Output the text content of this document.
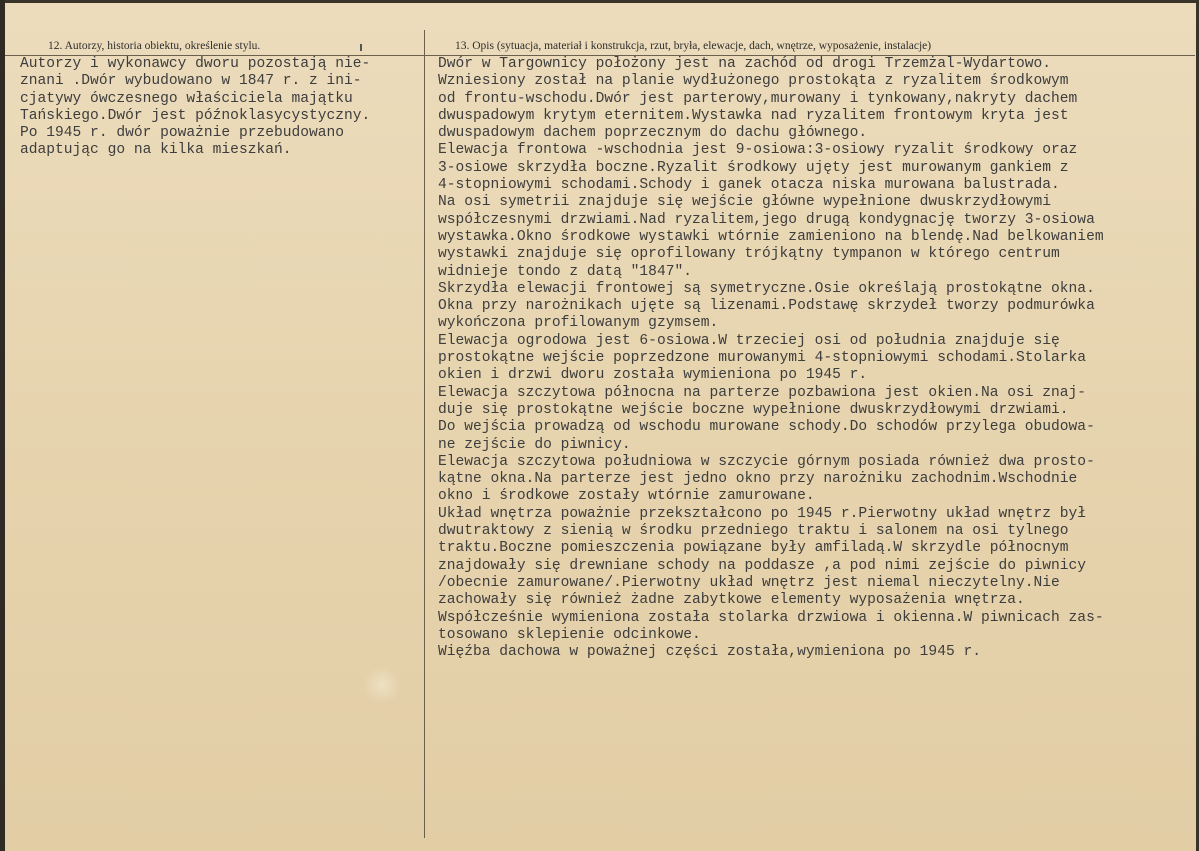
12. Autorzy, historia obiektu, określenie stylu.	13. Opis (sytuacja, materiał i konstrukcja, rzut, bryła, elewacje, dach, wnętrze, wyposażenie, instalacje)
Autorzy i wykonawcy dworu pozostają nie-
znani .Dwór wybudowano w 1847 r. z ini-
cjatywy ówczesnego właściciela majątku
Tańskiego.Dwór jest późnoklasycystyczny.
Po 1945 r. dwór poważnie przebudowano
adaptując go na kilka mieszkań.
Dwór w Targownicy położony jest na zachód od drogi Trzemżal-Wydartowo.
Wzniesiony został na planie wydłużonego prostokąta z ryzalitem środkowym
od frontu-wschodu.Dwór jest parterowy,murowany i tynkowany,nakryty dachem
dwuspadowym krytym eternitem.Wystawka nad ryzalitem frontowym kryta jest
dwuspadowym dachem poprzecznym do dachu głównego.
Elewacja frontowa -wschodnia jest 9-osiowa:3-osiowy ryzalit środkowy oraz
3-osiowe skrzydła boczne.Ryzalit środkowy ujęty jest murowanym gankiem z
4-stopniowymi schodami.Schody i ganek otacza niska murowana balustrada.
Na osi symetrii znajduje się wejście główne wypełnione dwuskrzydłowymi
współczesnymi drzwiami.Nad ryzalitem,jego drugą kondygnację tworzy 3-osiowa
wystawka.Okno środkowe wystawki wtórnie zamieniono na blendę.Nad belkowaniem
wystawki znajduje się oprofilowany trójkątny tympanon w którego centrum
widnieje tondo z datą "1847".
Skrzydła elewacji frontowej są symetryczne.Osie określają prostokątne okna.
Okna przy narożnikach ujęte są lizenami.Podstawę skrzydeł tworzy podmurówka
wykończona profilowanym gzymsem.
Elewacja ogrodowa jest 6-osiowa.W trzeciej osi od południa znajduje się
prostokątne wejście poprzedzone murowanymi 4-stopniowymi schodami.Stolarka
okien i drzwi dworu została wymieniona po 1945 r.
Elewacja szczytowa północna na parterze pozbawiona jest okien.Na osi znaj-
duje się prostokątne wejście boczne wypełnione dwuskrzydłowymi drzwiami.
Do wejścia prowadzą od wschodu murowane schody.Do schodów przylega obudowa-
ne zejście do piwnicy.
Elewacja szczytowa południowa w szczycie górnym posiada również dwa prosto-
kątne okna.Na parterze jest jedno okno przy narożniku zachodnim.Wschodnie
okno i środkowe zostały wtórnie zamurowane.
Układ wnętrza poważnie przekształcono po 1945 r.Pierwotny układ wnętrz był
dwutraktowy z sienią w środku przedniego traktu i salonem na osi tylnego
traktu.Boczne pomieszczenia powiązane były amfiladą.W skrzydle północnym
znajdowały się drewniane schody na poddasze ,a pod nimi zejście do piwnicy
/obecnie zamurowane/.Pierwotny układ wnętrz jest niemal nieczytelny.Nie
zachowały się również żadne zabytkowe elementy wyposażenia wnętrza.
Współcześnie wymieniona została stolarka drzwiowa i okienna.W piwnicach zas-
tosowano sklepienie odcinkowe.
Więźba dachowa w poważnej części została,wymieniona po 1945 r.
